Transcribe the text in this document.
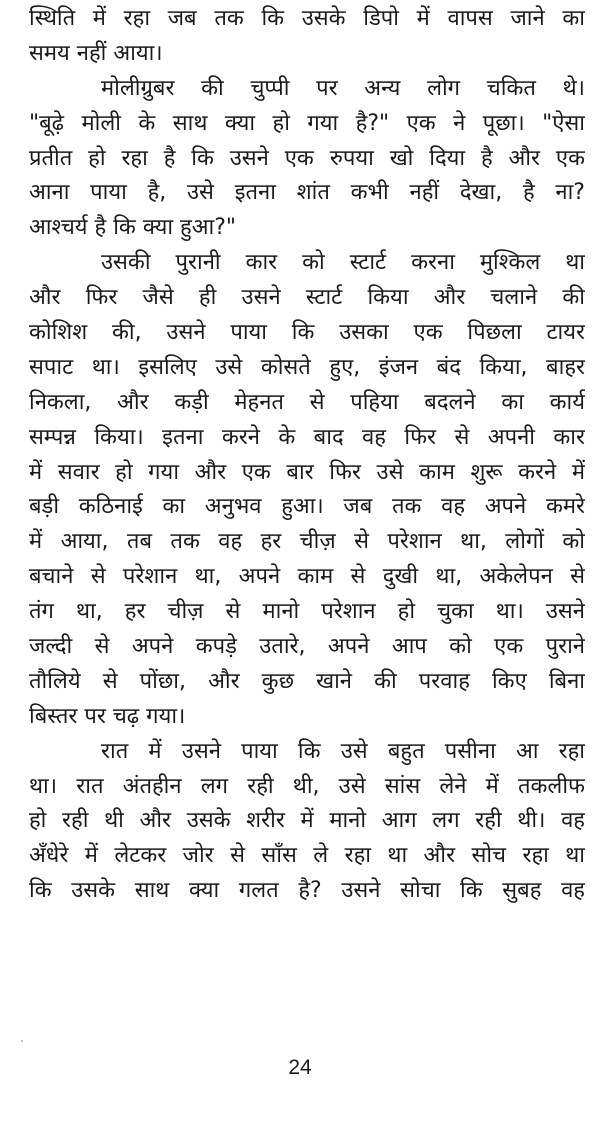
स्थिति में रहा जब तक कि उसके डिपो में वापस जाने का
समय नहीं आया।
मोलीग्रुबर की चुप्पी पर अन्य लोग चकित थे।
"बूढ़े मोली के साथ क्या हो गया है?" एक ने पूछा। "ऐसा
प्रतीत हो रहा है कि उसने एक रुपया खो दिया है और एक
आना पाया है, उसे इतना शांत कभी नहीं देखा, है ना?
आश्चर्य है कि क्या हुआ?"
उसकी पुरानी कार को स्टार्ट करना मुश्किल था
और फिर जैसे ही उसने स्टार्ट किया और चलाने की
कोशिश की, उसने पाया कि उसका एक पिछला टायर
सपाट था। इसलिए उसे कोसते हुए, इंजन बंद किया, बाहर
निकला, और कड़ी मेहनत से पहिया बदलने का कार्य
सम्पन्न किया। इतना करने के बाद वह फिर से अपनी कार
में सवार हो गया और एक बार फिर उसे काम शुरू करने में
बड़ी कठिनाई का अनुभव हुआ। जब तक वह अपने कमरे
में आया, तब तक वह हर चीज़ से परेशान था, लोगों को
बचाने से परेशान था, अपने काम से दुखी था, अकेलेपन से
तंग था, हर चीज़ से मानो परेशान हो चुका था। उसने
जल्दी से अपने कपड़े उतारे, अपने आप को एक पुराने
तौलिये से पोंछा, और कुछ खाने की परवाह किए बिना
बिस्तर पर चढ़ गया।
रात में उसने पाया कि उसे बहुत पसीना आ रहा
था। रात अंतहीन लग रही थी, उसे सांस लेने में तकलीफ
हो रही थी और उसके शरीर में मानो आग लग रही थी। वह
अँधेरे में लेटकर जोर से साँस ले रहा था और सोच रहा था
कि उसके साथ क्या गलत है? उसने सोचा कि सुबह वह
24
